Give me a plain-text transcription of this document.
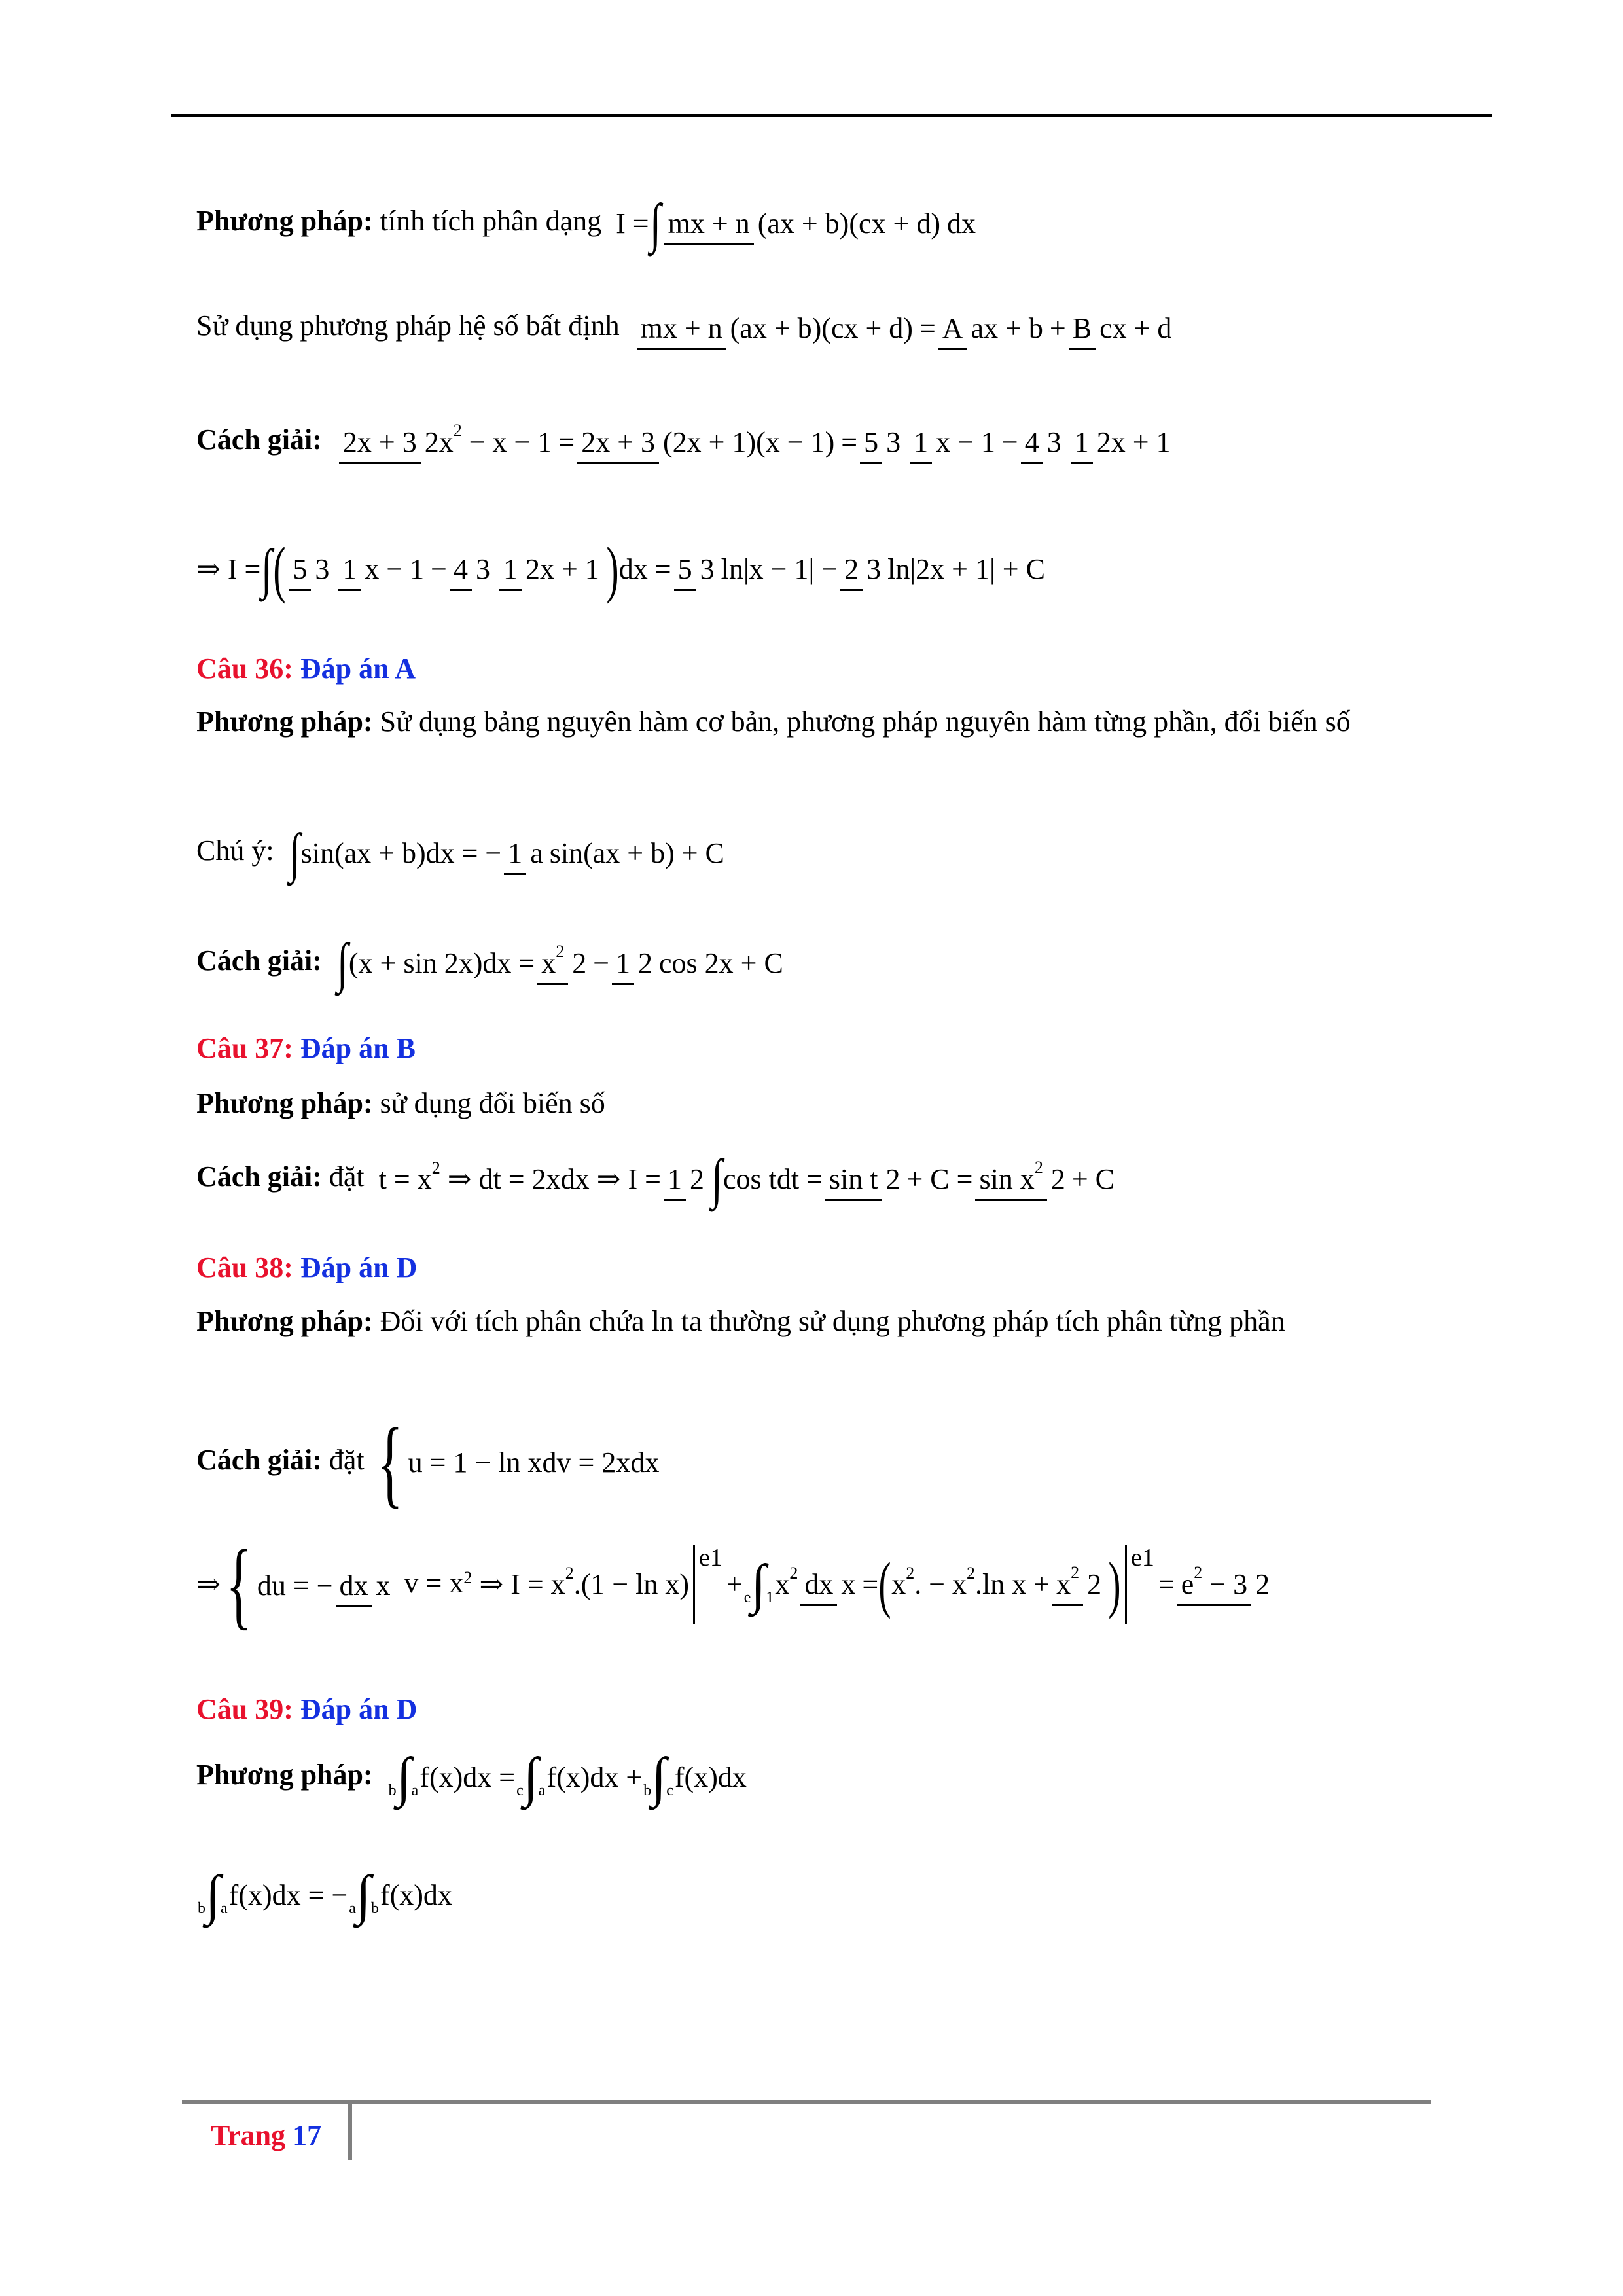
Phương pháp: tính tích phân dạng I = ∫ mx + n (ax + b)(cx + d) dx
Sử dụng phương pháp hệ số bất định
mx + n (ax + b)(cx + d) = A ax + b + B cx + d
Cách giải:
2x + 3 $2x^2 - x - 1 = 2x + 3$ (2x + 1)(x − 1) = 5 3 1 x − 1 − 4 3 1 2x + 1
⇒ I = ∫ ( 5 3 1 x − 1 − 4 3 1 2x + 1 ) dx = 5 3 ln|x − 1| − 2 3 ln|2x + 1| + C
Câu 36: Đáp án A
Phương pháp: Sử dụng bảng nguyên hàm cơ bản, phương pháp nguyên hàm từng phần, đổi biến số
Chú ý:
∫ sin(ax + b)dx = − 1 a sin(ax + b) + C
Cách giải:
∫ $(x + \sin 2x)dx = x^2$ 2 − 1 2 cos 2x + C
Câu 37: Đáp án B
Phương pháp: sử dụng đổi biến số
Cách giải: đặt $t = x^2$ ⇒ dt = 2xdx ⇒ I = 1 2 ∫ cos tdt = sin t $2 + C = \sin x^2$ 2 + C
Câu 38: Đáp án D
Phương pháp: Đối với tích phân chứa ln ta thường sử dụng phương pháp tích phân từng phần
Cách giải: đặt { u = 1 − ln xdv = 2xdx
⇒ { du = − dx x $v = x^2$ ⇒ $I = x^2.(1 - \ln x)$
e1
+ e∫1 $x^2$ dx x = ( $x^2$. − $x^2.\ln$ $x + x^2$ 2 ) e1
= $e^2 - 3$ 2
Câu 39: Đáp án D
Phương pháp:

b∫a f(x)dx = c∫a f(x)dx + b∫c f(x)dx
b∫a f(x)dx = − a∫b f(x)dx
Trang 17
